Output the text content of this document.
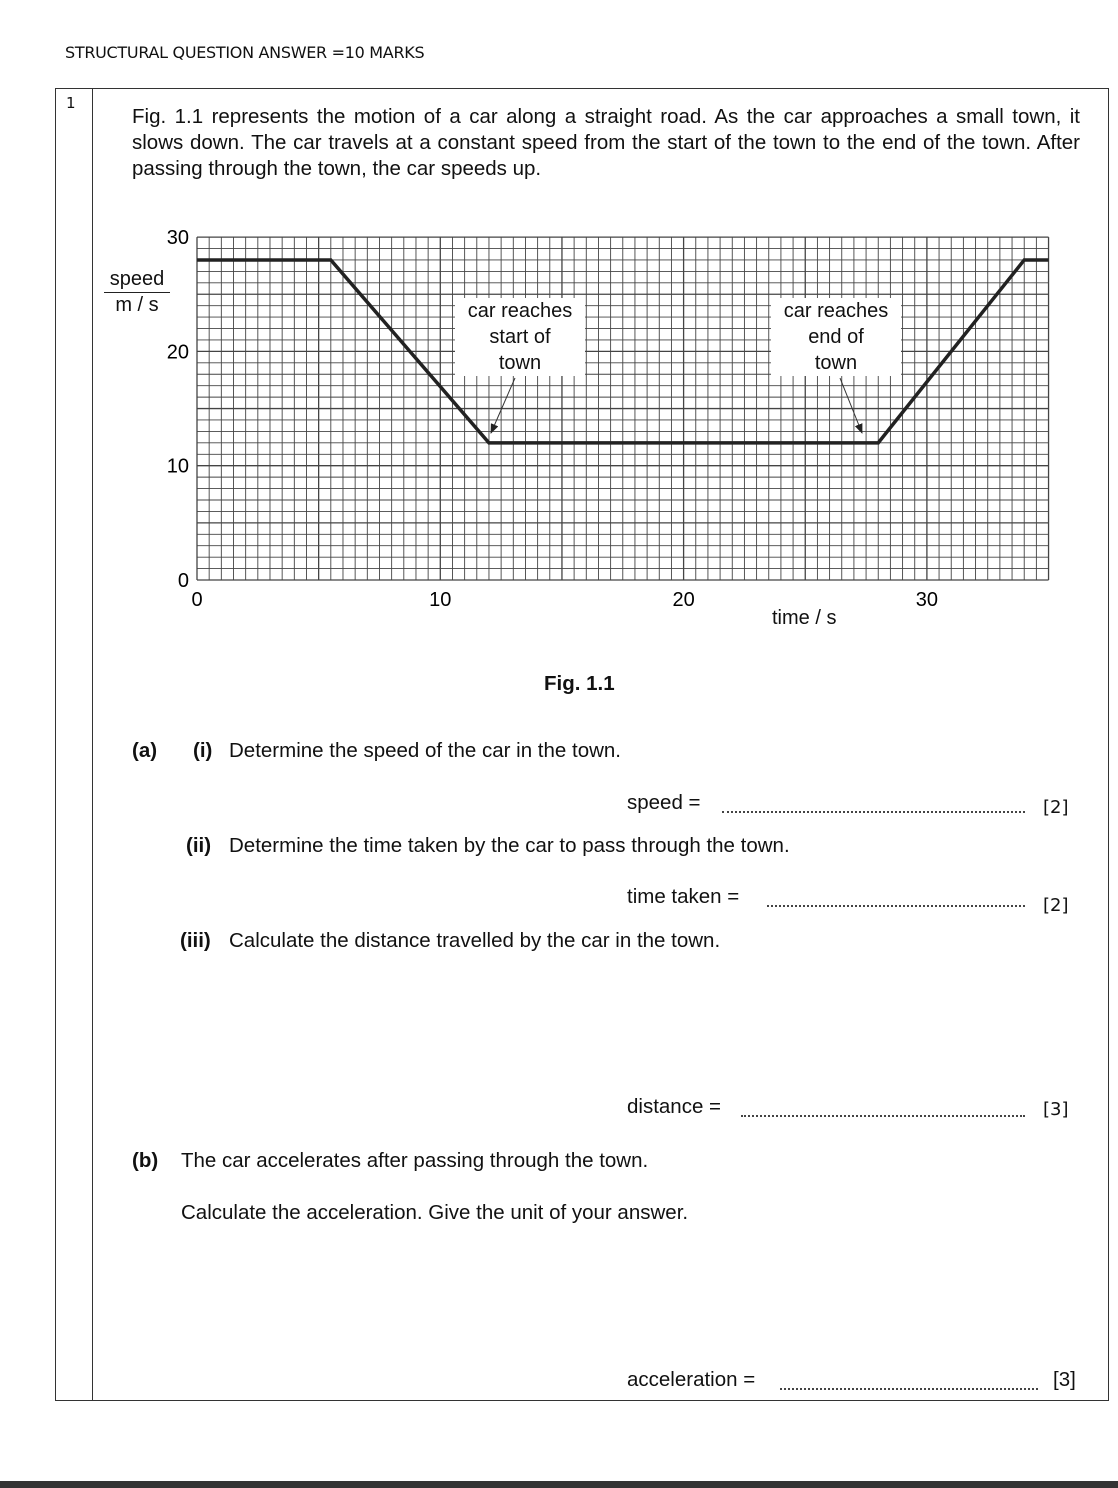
STRUCTURAL QUESTION ANSWER =10 MARKS
1
Fig. 1.1 represents the motion of a car along a straight road. As the car approaches a small town, it slows down. The car travels at a constant speed from the start of the town to the end of the town. After passing through the town, the car speeds up.
0	10	20	30
0
10
20
30
speed
m / s
time / s
car reaches
start of
town
car reaches
end of
town
Fig. 1.1
(a) (i) Determine the speed of the car in the town.
speed =	[2]
(ii) Determine the time taken by the car to pass through the town.
time taken =	[2]
(iii) Calculate the distance travelled by the car in the town.
distance =	[3]
(b) The car accelerates after passing through the town.
Calculate the acceleration. Give the unit of your answer.
acceleration =	[3]
